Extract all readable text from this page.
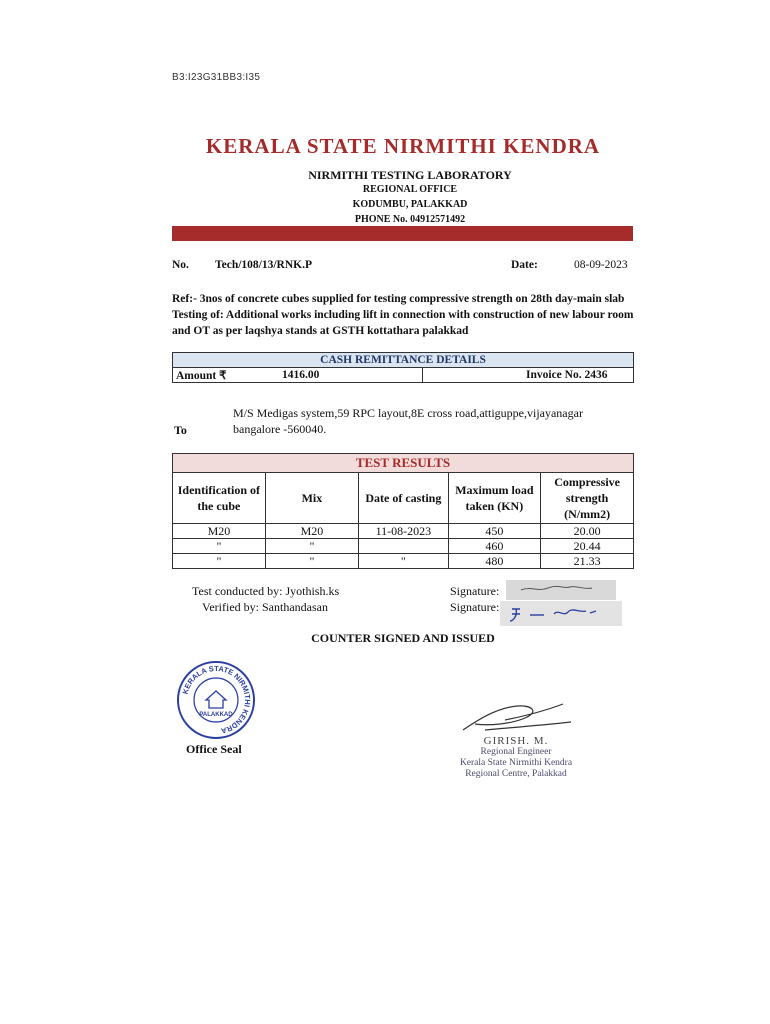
B3:I23G31BB3:I35
KERALA STATE NIRMITHI KENDRA
NIRMITHI TESTING LABORATORY
REGIONAL OFFICE
KODUMBU, PALAKKAD
PHONE No. 04912571492
No. Tech/108/13/RNK.P	Date:	08-09-2023
Ref:- 3nos of concrete cubes supplied for testing compressive strength on 28th day-main slab
Testing of: Additional works including lift in connection with construction of new labour room and OT as per laqshya stands at GSTH kottathara palakkad
CASH REMITTANCE DETAILS
Amount ₹	1416.00	Invoice No. 2436
To
M/S Medigas system,59 RPC layout,8E cross road,attiguppe,vijayanagar bangalore -560040.
TEST RESULTS				
Identification of the cube	Mix	Date of casting	Maximum load taken (KN)	Compressive strength (N/mm2)
M20	M20	11-08-2023	450	20.00
"	"		460	20.44
"	"	"	480	21.33
Test conducted by: Jyothish.ks
Verified by: Santhandasan
Signature:
Signature:
COUNTER SIGNED AND ISSUED
KERALA STATE NIRMITHI KENDRA
PALAKKAD
Office Seal
GIRISH. M.
Regional Engineer
Kerala State Nirmithi Kendra
Regional Centre, Palakkad
